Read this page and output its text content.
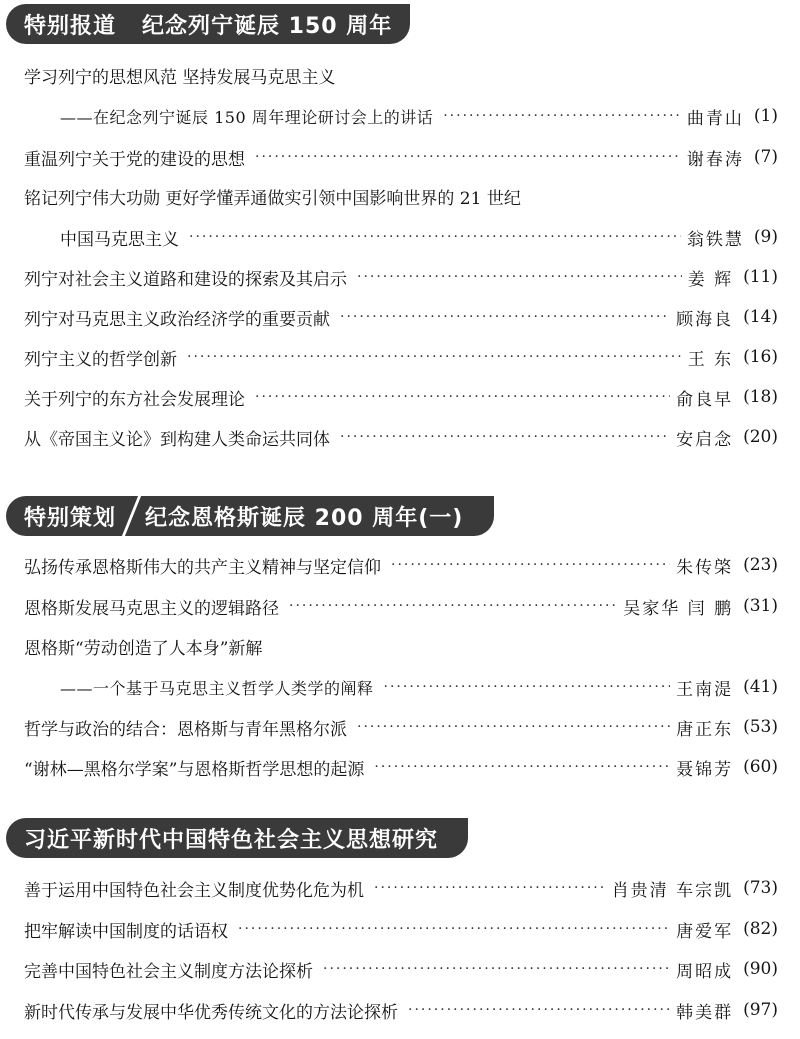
特别报道 纪念列宁诞辰 150 周年
学习列宁的思想风范 坚持发展马克思主义
——在纪念列宁诞辰 150 周年理论研讨会上的讲话 ·····	曲青山 (1)
重温列宁关于党的建设的思想 ·····	谢春涛 (7)
铭记列宁伟大功勋 更好学懂弄通做实引领中国影响世界的 21 世纪
中国马克思主义 ·····	翁铁慧 (9)
列宁对社会主义道路和建设的探索及其启示 ·····	姜 辉 (11)
列宁对马克思主义政治经济学的重要贡献 ·····	顾海良 (14)
列宁主义的哲学创新 ·····	王 东 (16)
关于列宁的东方社会发展理论 ·····	俞良早 (18)
从《帝国主义论》到构建人类命运共同体 ·····	安启念 (20)
特别策划 纪念恩格斯诞辰 200 周年(一)
弘扬传承恩格斯伟大的共产主义精神与坚定信仰 ·····	朱传棨 (23)
恩格斯发展马克思主义的逻辑路径 ·····	吴家华 闫 鹏 (31)
恩格斯“劳动创造了人本身”新解
——一个基于马克思主义哲学人类学的阐释 ·····	王南湜 (41)
哲学与政治的结合：恩格斯与青年黑格尔派 ·····	唐正东 (53)
“谢林—黑格尔学案”与恩格斯哲学思想的起源 ·····	聂锦芳 (60)
习近平新时代中国特色社会主义思想研究
善于运用中国特色社会主义制度优势化危为机 ·····	肖贵清 车宗凯 (73)
把牢解读中国制度的话语权 ·····	唐爱军 (82)
完善中国特色社会主义制度方法论探析 ·····	周昭成 (90)
新时代传承与发展中华优秀传统文化的方法论探析 ·····	韩美群 (97)
